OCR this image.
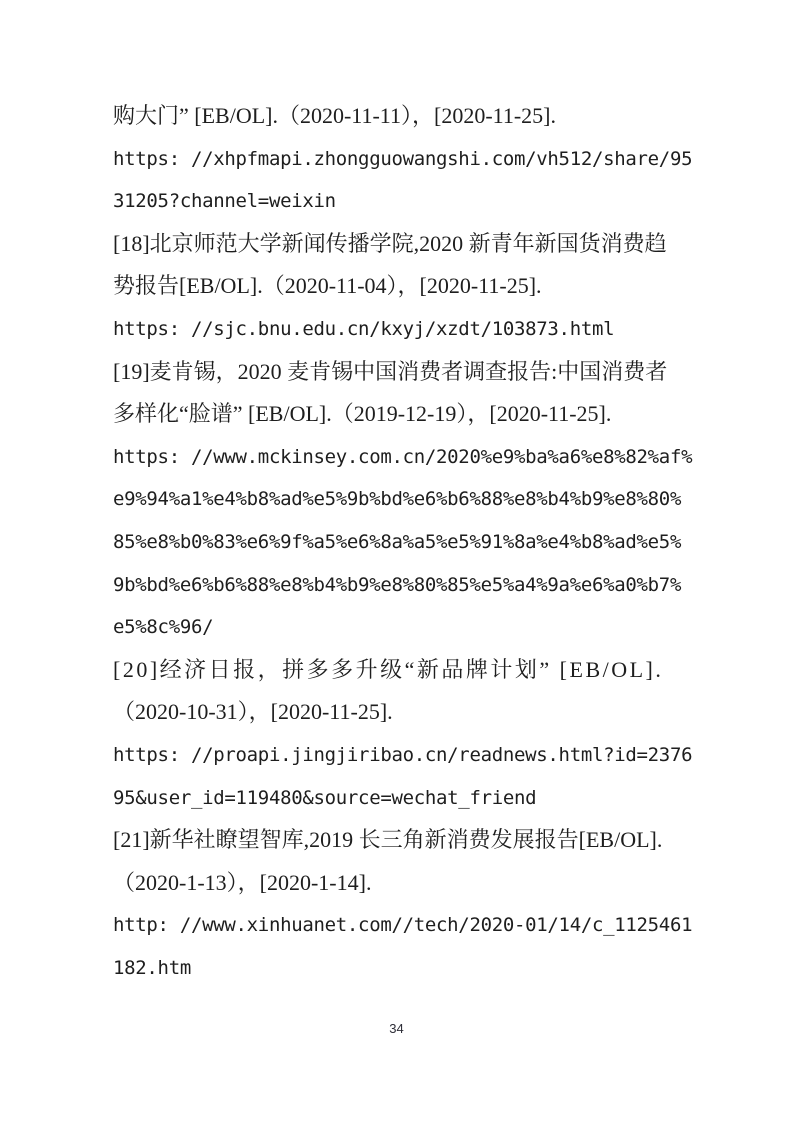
购大门” [EB/OL].（2020-11-11），[2020-11-25].
https: //xhpfmapi.zhongguowangshi.com/vh512/share/95
31205?channel=weixin
[18]北京师范大学新闻传播学院,2020 新青年新国货消费趋
势报告[EB/OL].（2020-11-04），[2020-11-25].
https: //sjc.bnu.edu.cn/kxyj/xzdt/103873.html
[19]麦肯锡，2020 麦肯锡中国消费者调查报告:中国消费者
多样化“脸谱” [EB/OL].（2019-12-19），[2020-11-25].
https: //www.mckinsey.com.cn/2020%e9%ba%a6%e8%82%af%
e9%94%a1%e4%b8%ad%e5%9b%bd%e6%b6%88%e8%b4%b9%e8%80%
85%e8%b0%83%e6%9f%a5%e6%8a%a5%e5%91%8a%e4%b8%ad%e5%
9b%bd%e6%b6%88%e8%b4%b9%e8%80%85%e5%a4%9a%e6%a0%b7%
e5%8c%96/
[20]经济日报，拼多多升级“新品牌计划” [EB/OL].
（2020-10-31），[2020-11-25].
https: //proapi.jingjiribao.cn/readnews.html?id=2376
95&user_id=119480&source=wechat_friend
[21]新华社瞭望智库,2019 长三角新消费发展报告[EB/OL].
（2020-1-13），[2020-1-14].
http: //www.xinhuanet.com//tech/2020-01/14/c_1125461
182.htm
34
